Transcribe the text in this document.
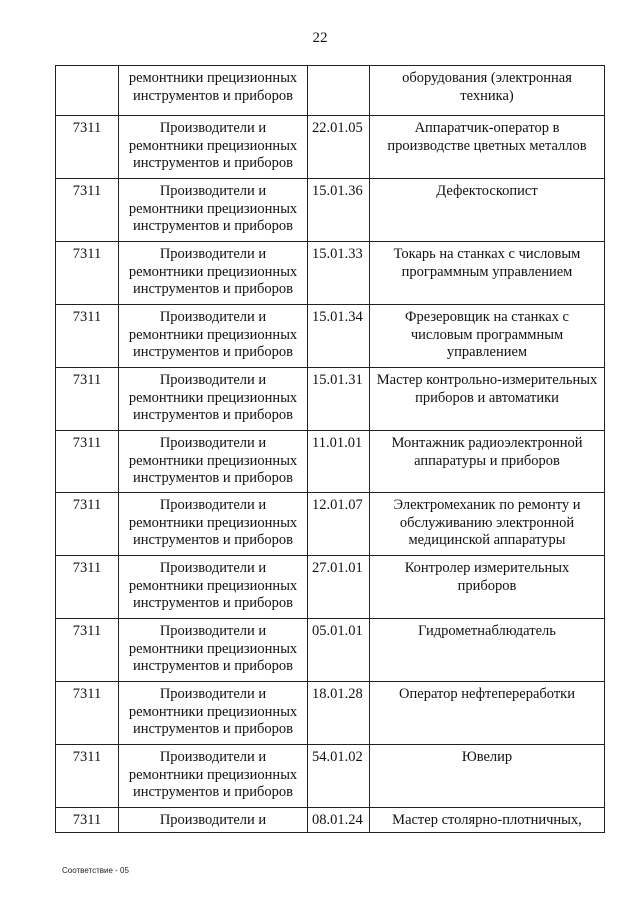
22
	ремонтники прецизионных инструментов и приборов		оборудования (электронная техника)
7311	Производители и ремонтники прецизионных инструментов и приборов	22.01.05	Аппаратчик-оператор в производстве цветных металлов
7311	Производители и ремонтники прецизионных инструментов и приборов	15.01.36	Дефектоскопист
7311	Производители и ремонтники прецизионных инструментов и приборов	15.01.33	Токарь на станках с числовым программным управлением
7311	Производители и ремонтники прецизионных инструментов и приборов	15.01.34	Фрезеровщик на станках с числовым программным управлением
7311	Производители и ремонтники прецизионных инструментов и приборов	15.01.31	Мастер контрольно-измерительных приборов и автоматики
7311	Производители и ремонтники прецизионных инструментов и приборов	11.01.01	Монтажник радиоэлектронной аппаратуры и приборов
7311	Производители и ремонтники прецизионных инструментов и приборов	12.01.07	Электромеханик по ремонту и обслуживанию электронной медицинской аппаратуры
7311	Производители и ремонтники прецизионных инструментов и приборов	27.01.01	Контролер измерительных приборов
7311	Производители и ремонтники прецизионных инструментов и приборов	05.01.01	Гидрометнаблюдатель
7311	Производители и ремонтники прецизионных инструментов и приборов	18.01.28	Оператор нефтепереработки
7311	Производители и ремонтники прецизионных инструментов и приборов	54.01.02	Ювелир
7311	Производители и	08.01.24	Мастер столярно-плотничных,
Соответствие - 05
